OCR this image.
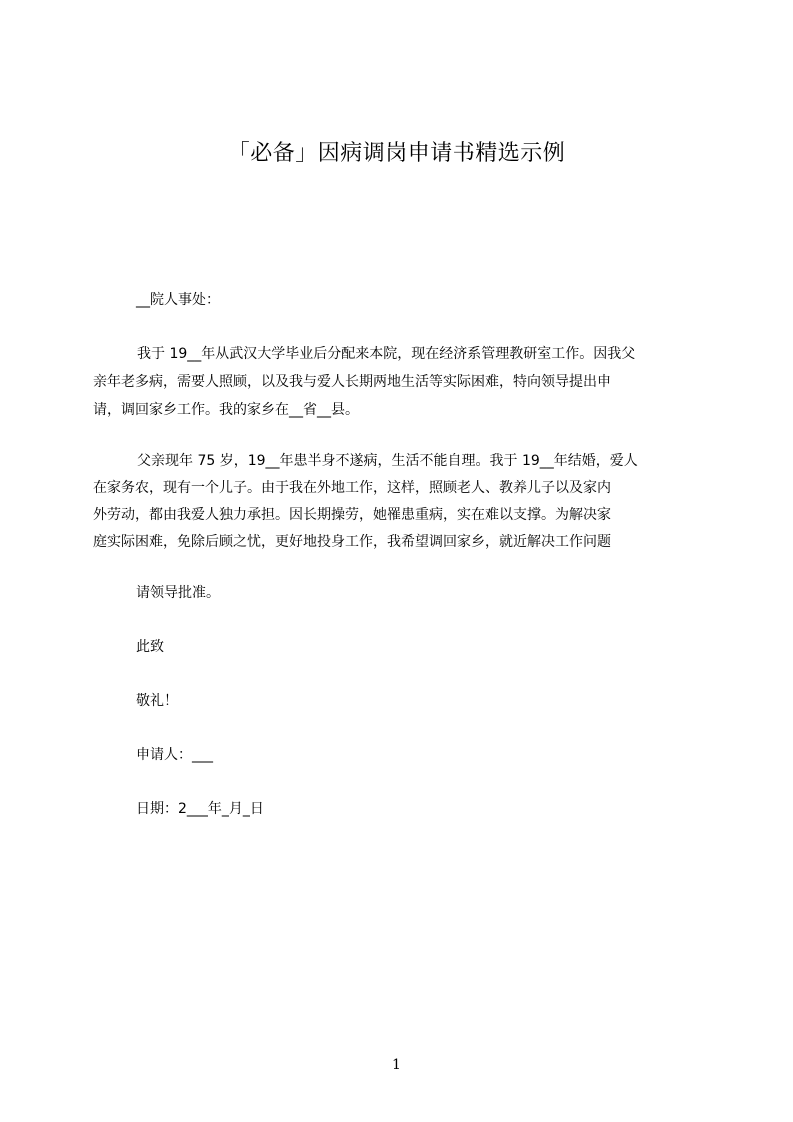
「必备」因病调岗申请书精选示例
__院人事处：
我于 19__年从武汉大学毕业后分配来本院，现在经济系管理教研室工作。因我父
亲年老多病，需要人照顾，以及我与爱人长期两地生活等实际困难，特向领导提出申
请，调回家乡工作。我的家乡在__省__县。
父亲现年 75 岁，19__年患半身不遂病，生活不能自理。我于 19__年结婚，爱人
在家务农，现有一个儿子。由于我在外地工作，这样，照顾老人、教养儿子以及家内
外劳动，都由我爱人独力承担。因长期操劳，她罹患重病，实在难以支撑。为解决家
庭实际困难，免除后顾之忧，更好地投身工作，我希望调回家乡，就近解决工作问题
请领导批准。
此致
敬礼！
申请人：___
日期：2___年_月_日
1
